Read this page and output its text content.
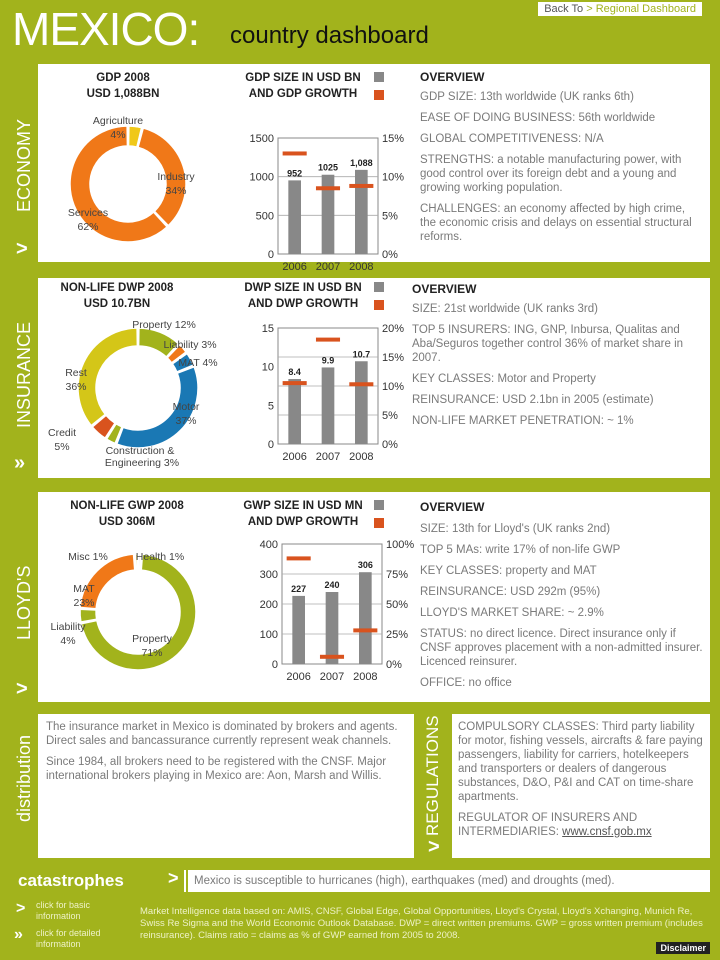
MEXICO: country dashboard
Back To > Regional Dashboard
ECONOMY
>
GDP 2008
USD 1,088BN
Agriculture
4%
Industry
34%
Services
62%
GDP SIZE IN USD BN
AND GDP GROWTH
0
500
1000
1500
0%
5%
10%
15%
952
2006
1025
2007
1,088
2008
OVERVIEW

GDP SIZE: 13th worldwide (UK ranks 6th)

EASE OF DOING BUSINESS: 56th worldwide

GLOBAL COMPETITIVENESS: N/A

STRENGTHS: a notable manufacturing power, with good control over its foreign debt and a young and growing working population.

CHALLENGES: an economy affected by high crime, the economic crisis and delays on essential structural reforms.

INSURANCE
»
NON-LIFE DWP 2008
USD 10.7BN
Property 12%
Liability 3%
MAT 4%
Motor
37%
Construction &
Engineering 3%
Credit
5%
Rest
36%
DWP SIZE IN USD BN
AND DWP GROWTH
0
5
10
15
0%
5%
10%
15%
20%
8.4
2006
9.9
2007
10.7
2008
OVERVIEW

SIZE: 21st worldwide (UK ranks 3rd)

TOP 5 INSURERS: ING, GNP, Inbursa, Qualitas and Aba/Seguros together control 36% of market share in 2007.

KEY CLASSES: Motor and Property

REINSURANCE: USD 2.1bn in 2005 (estimate)

NON-LIFE MARKET PENETRATION: ~ 1%

LLOYD'S
>
NON-LIFE GWP 2008
USD 306M
Misc 1%	Health 1%
MAT
23%
Liability
4%	Property
71%
GWP SIZE IN USD MN
AND DWP GROWTH
0
100
200
300
400
0%
25%
50%
75%
100%
227
2006
240
2007
306
2008
OVERVIEW

SIZE: 13th for Lloyd's (UK ranks 2nd)

TOP 5 MAs: write 17% of non-life GWP

KEY CLASSES: property and MAT

REINSURANCE: USD 292m (95%)

LLOYD'S MARKET SHARE: ~ 2.9%

STATUS: no direct licence. Direct insurance only if CNSF approves placement with a non-admitted insurer. Licenced reinsurer.

OFFICE: no office

distribution

The insurance market in Mexico is dominated by brokers and agents. Direct sales and bancassurance currently represent weak channels.

Since 1984, all brokers need to be registered with the CNSF. Major international brokers playing in Mexico are: Aon, Marsh and Willis.	REGULATIONS
>

COMPULSORY CLASSES: Third party liability for motor, fishing vessels, aircrafts & fare paying passengers, liability for carriers, hotelkeepers and transporters or dealers of dangerous substances, D&O, P&I and CAT on time-share apartments.

REGULATOR OF INSURERS AND INTERMEDIARIES: www.cnsf.gob.mx

catastrophes > Mexico is susceptible to hurricanes (high), earthquakes (med) and droughts (med).
> click for basic information
» click for detailed information
Market Intelligence data based on: AMIS, CNSF, Global Edge, Global Opportunities, Lloyd's Crystal, Lloyd's Xchanging, Munich Re, Swiss Re Sigma and the World Economic Outlook Database. DWP = direct written premiums. GWP = gross written premium (includes reinsurance). Claims ratio = claims as % of GWP earned from 2005 to 2008.
Disclaimer
